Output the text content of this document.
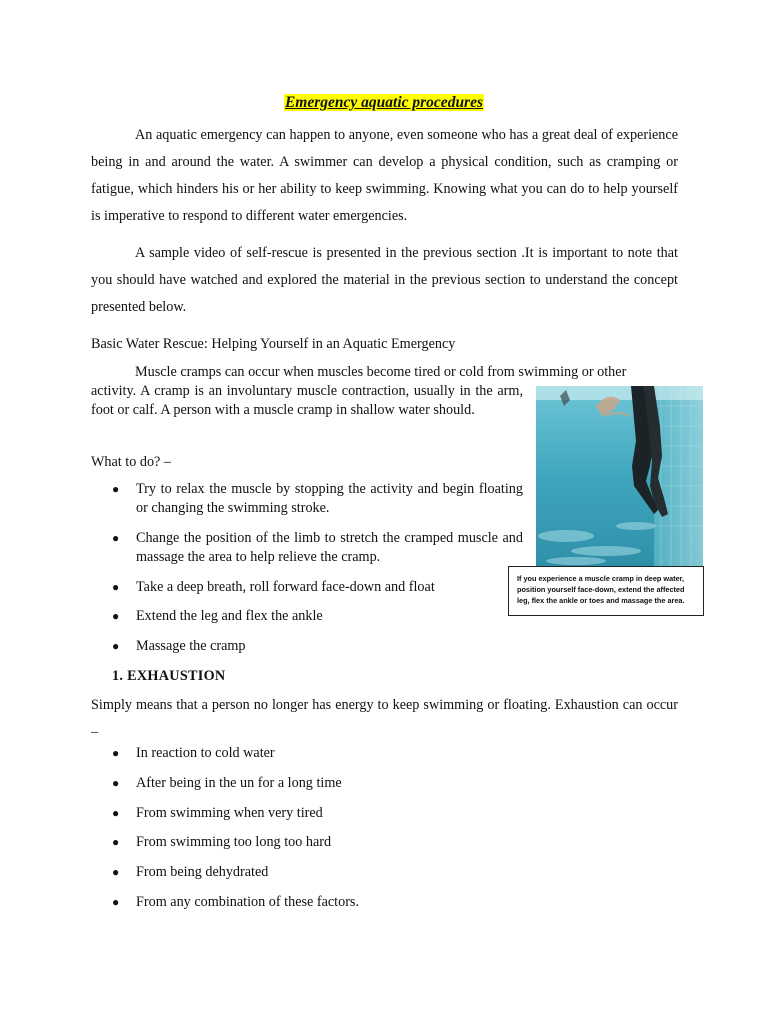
Emergency aquatic procedures

An aquatic emergency can happen to anyone, even someone who has a great deal of experience being in and around the water. A swimmer can develop a physical condition, such as cramping or fatigue, which hinders his or her ability to keep swimming. Knowing what you can do to help yourself is imperative to respond to different water emergencies.

A sample video of self-rescue is presented in the previous section .It is important to note that you should have watched and explored the material in the previous section to understand the concept presented below.

Basic Water Rescue: Helping Yourself in an Aquatic Emergency

Muscle cramps can occur when muscles become tired or cold from swimming or other

activity. A cramp is an involuntary muscle contraction, usually in the arm, foot or calf. A person with a muscle cramp in shallow water should.

What to do? –

●	Try to relax the muscle by stopping the activity and begin floating or changing the swimming stroke.
●	Change the position of the limb to stretch the cramped muscle and massage the area to help relieve the cramp.
●	Take a deep breath, roll forward face-down and float
●	Extend the leg and flex the ankle
●	Massage the cramp
If you experience a muscle cramp in deep water, position yourself face-down, extend the affected leg, flex the ankle or toes and massage the area.

1. EXHAUSTION

Simply means that a person no longer has energy to keep swimming or floating. Exhaustion can occur –

●	In reaction to cold water
●	After being in the un for a long time
●	From swimming when very tired
●	From swimming too long too hard
●	From being dehydrated
●	From any combination of these factors.
